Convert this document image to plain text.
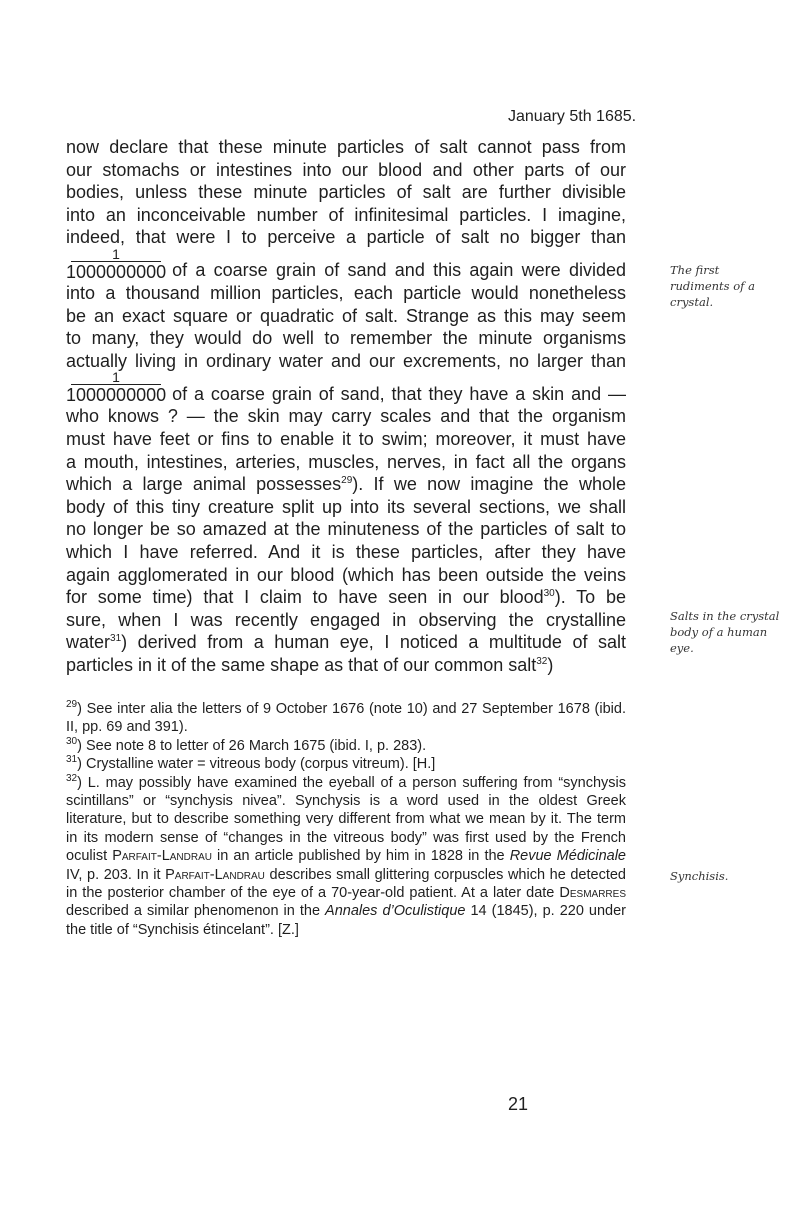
January 5th 1685.
now declare that these minute particles of salt cannot pass from
our stomachs or intestines into our blood and other parts of our
bodies, unless these minute particles of salt are further divisible
into an inconceivable number of infinitesimal particles. I imagine,
indeed, that were I to perceive a particle of salt no bigger than
$\frac{1}{1000000000}$ of a coarse grain of sand and this again were divided
into a thousand million particles, each particle would nonetheless
be an exact square or quadratic of salt. Strange as this may seem
to many, they would do well to remember the minute organisms
actually living in ordinary water and our excrements, no larger than
$\frac{1}{1000000000}$ of a coarse grain of sand, that they have a skin and —
who knows ? — the skin may carry scales and that the organism
must have feet or fins to enable it to swim; moreover, it must have
a mouth, intestines, arteries, muscles, nerves, in fact all the organs
which a large animal possesses$^{29}$). If we now imagine the whole
body of this tiny creature split up into its several sections, we shall
no longer be so amazed at the minuteness of the particles of salt to
which I have referred. And it is these particles, after they have
again agglomerated in our blood (which has been outside the veins
for some time) that I claim to have seen in our blood$^{30}$). To be
sure, when I was recently engaged in observing the crystalline
water$^{31}$) derived from a human eye, I noticed a multitude of salt
particles in it of the same shape as that of our common salt$^{32}$)
The first rudiments of a crystal.
Salts in the crystal body of a human eye.
Synchisis.
$^{29}$) See inter alia the letters of 9 October 1676 (note 10) and 27 September 1678 (ibid. II, pp. 69 and 391).
$^{30}$) See note 8 to letter of 26 March 1675 (ibid. I, p. 283).
$^{31}$) Crystalline water = vitreous body (corpus vitreum). [H.]
$^{32}$) L. may possibly have examined the eyeball of a person suffering from “synchysis scintillans” or “synchysis nivea”. Synchysis is a word used in the oldest Greek literature, but to describe something very different from what we mean by it. The term in its modern sense of “changes in the vitreous body” was first used by the French oculist Parfait-Landrau in an article published by him in 1828 in the Revue Médicinale IV, p. 203. In it Parfait-Landrau describes small glittering corpuscles which he detected in the posterior chamber of the eye of a 70-year-old patient. At a later date Desmarres described a similar phenomenon in the Annales d’Oculistique 14 (1845), p. 220 under the title of “Synchisis étincelant”. [Z.]
21
